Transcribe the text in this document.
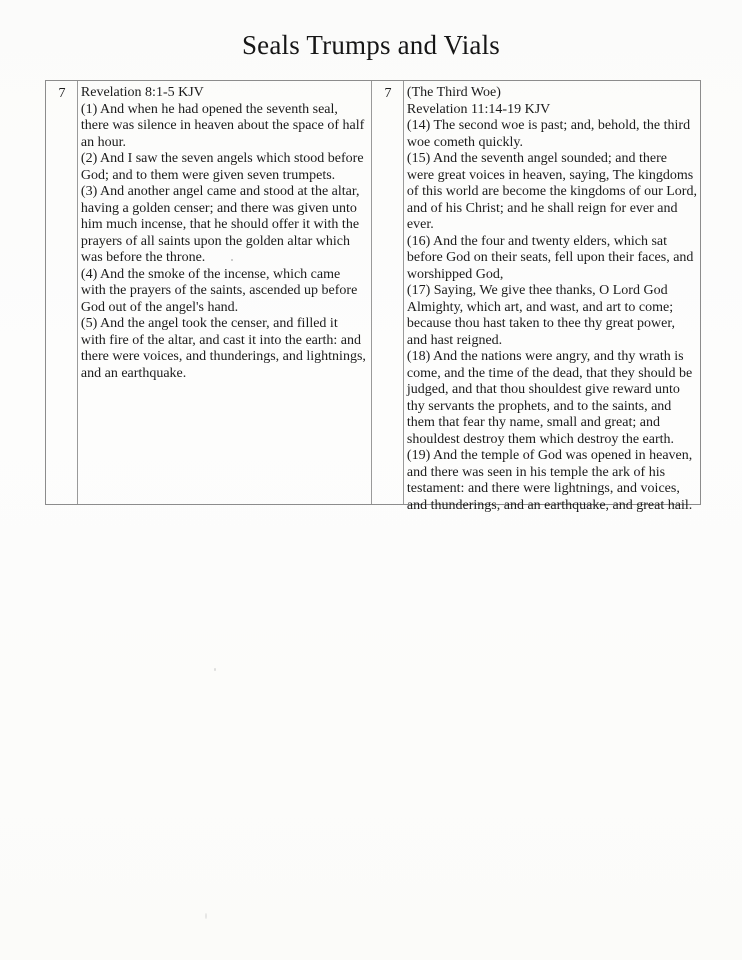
Seals Trumps and Vials
7	Revelation 8:1-5 KJV
(1) And when he had opened the seventh seal,
there was silence in heaven about the space of half
an hour.
(2) And I saw the seven angels which stood before
God; and to them were given seven trumpets.
(3) And another angel came and stood at the altar,
having a golden censer; and there was given unto
him much incense, that he should offer it with the
prayers of all saints upon the golden altar which
was before the throne.
(4) And the smoke of the incense, which came
with the prayers of the saints, ascended up before
God out of the angel's hand.
(5) And the angel took the censer, and filled it
with fire of the altar, and cast it into the earth: and
there were voices, and thunderings, and lightnings,
and an earthquake.
7	(The Third Woe)
Revelation 11:14-19 KJV
(14) The second woe is past; and, behold, the third
woe cometh quickly.
(15) And the seventh angel sounded; and there
were great voices in heaven, saying, The kingdoms
of this world are become the kingdoms of our Lord,
and of his Christ; and he shall reign for ever and
ever.
(16) And the four and twenty elders, which sat
before God on their seats, fell upon their faces, and
worshipped God,
(17) Saying, We give thee thanks, O Lord God
Almighty, which art, and wast, and art to come;
because thou hast taken to thee thy great power,
and hast reigned.
(18) And the nations were angry, and thy wrath is
come, and the time of the dead, that they should be
judged, and that thou shouldest give reward unto
thy servants the prophets, and to the saints, and
them that fear thy name, small and great; and
shouldest destroy them which destroy the earth.
(19) And the temple of God was opened in heaven,
and there was seen in his temple the ark of his
testament: and there were lightnings, and voices,
and thunderings, and an earthquake, and great hail.
